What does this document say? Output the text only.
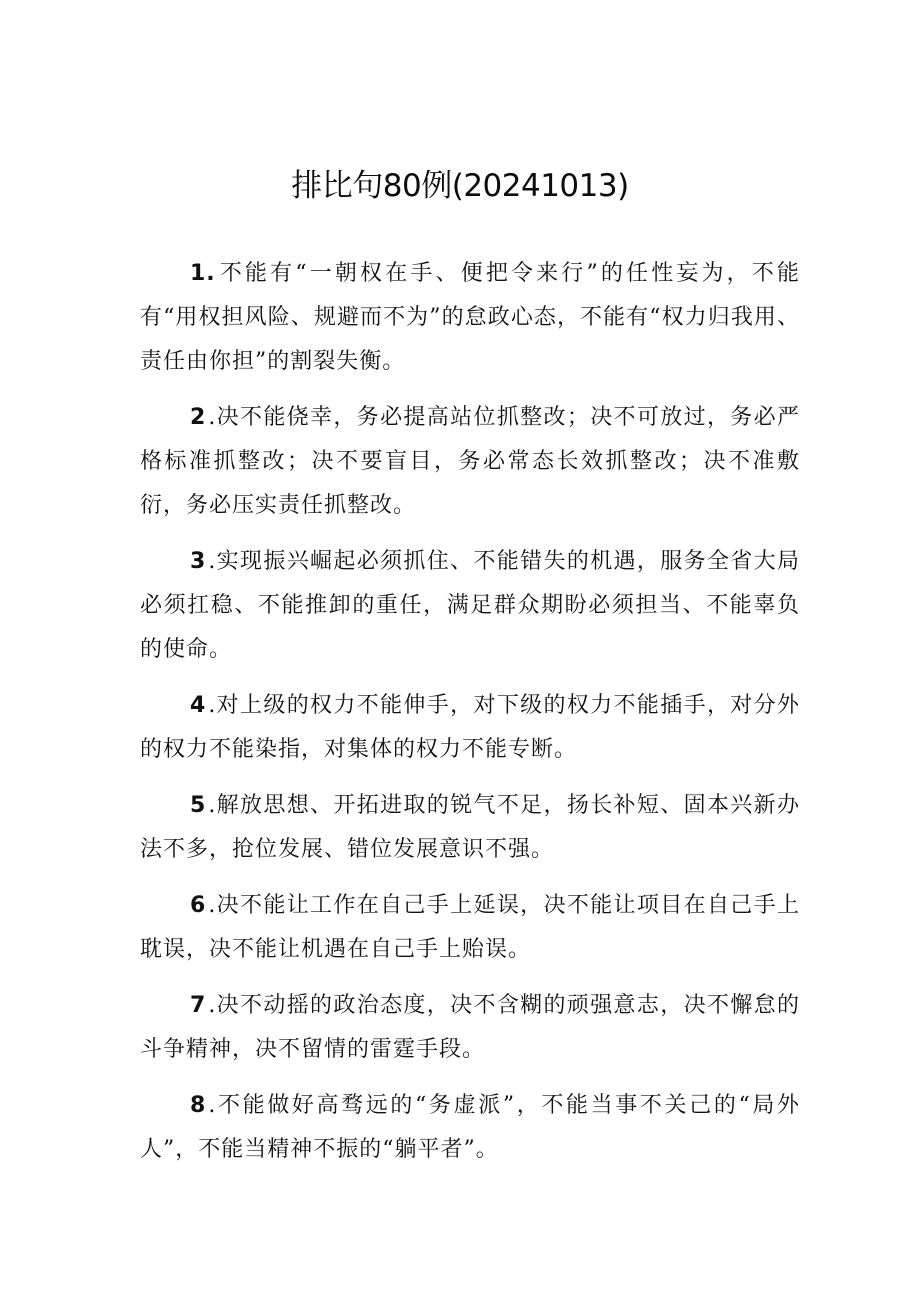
排比句80例(20241013)

1.不能有“一朝权在手、便把令来行”的任性妄为，不能有“用权担风险、规避而不为”的怠政心态，不能有“权力归我用、责任由你担”的割裂失衡。

2.决不能侥幸，务必提高站位抓整改；决不可放过，务必严格标准抓整改；决不要盲目，务必常态长效抓整改；决不准敷衍，务必压实责任抓整改。

3.实现振兴崛起必须抓住、不能错失的机遇，服务全省大局必须扛稳、不能推卸的重任，满足群众期盼必须担当、不能辜负的使命。

4.对上级的权力不能伸手，对下级的权力不能插手，对分外的权力不能染指，对集体的权力不能专断。

5.解放思想、开拓进取的锐气不足，扬长补短、固本兴新办法不多，抢位发展、错位发展意识不强。

6.决不能让工作在自己手上延误，决不能让项目在自己手上耽误，决不能让机遇在自己手上贻误。

7.决不动摇的政治态度，决不含糊的顽强意志，决不懈怠的斗争精神，决不留情的雷霆手段。

8.不能做好高骛远的“务虚派”，不能当事不关己的“局外人”，不能当精神不振的“躺平者”。
